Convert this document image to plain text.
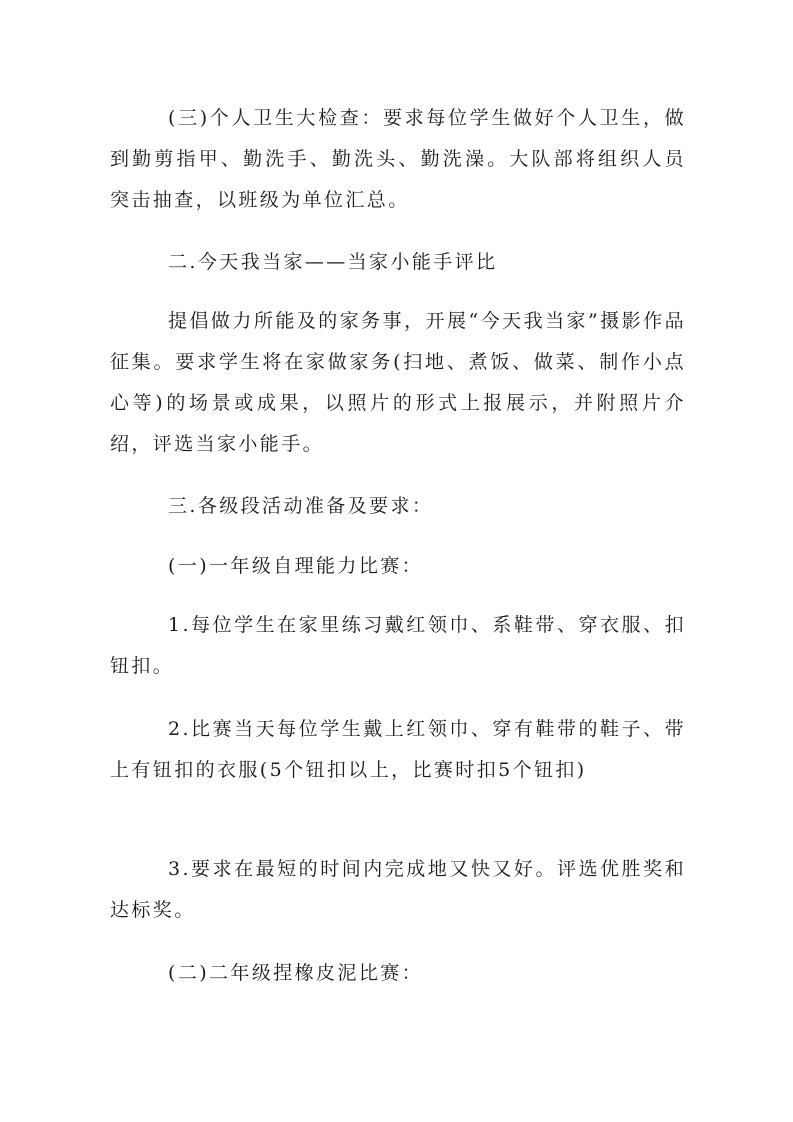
(三)个人卫生大检查：要求每位学生做好个人卫生，做到勤剪指甲、勤洗手、勤洗头、勤洗澡。大队部将组织人员突击抽查，以班级为单位汇总。

二.今天我当家——当家小能手评比

提倡做力所能及的家务事，开展“今天我当家”摄影作品征集。要求学生将在家做家务(扫地、煮饭、做菜、制作小点心等)的场景或成果，以照片的形式上报展示，并附照片介绍，评选当家小能手。

三.各级段活动准备及要求：

(一)一年级自理能力比赛：

1.每位学生在家里练习戴红领巾、系鞋带、穿衣服、扣钮扣。

2.比赛当天每位学生戴上红领巾、穿有鞋带的鞋子、带上有钮扣的衣服(5个钮扣以上，比赛时扣5个钮扣)

3.要求在最短的时间内完成地又快又好。评选优胜奖和达标奖。

(二)二年级捏橡皮泥比赛：
